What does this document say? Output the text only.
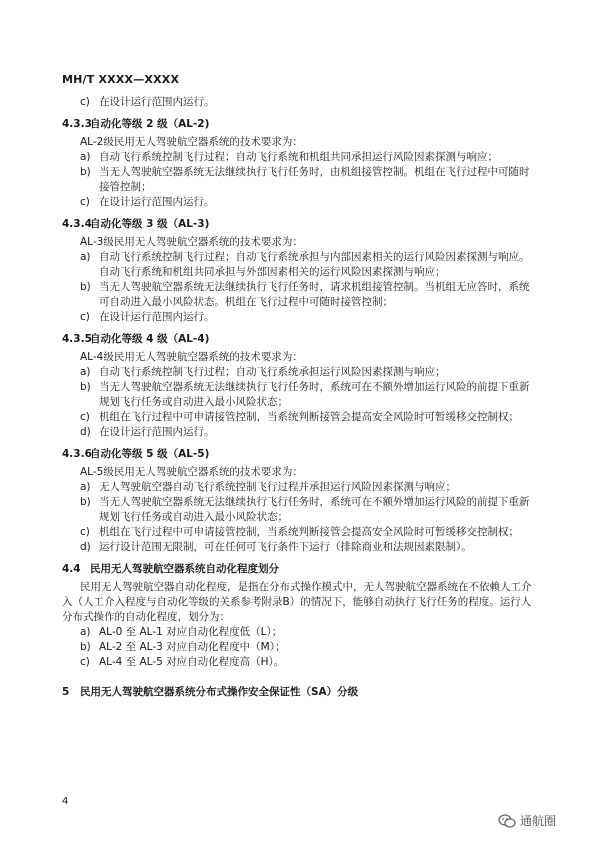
MH/T XXXX—XXXX
c) 在设计运行范围内运行。
4.3.3自动化等级 2 级（AL-2)
AL-2级民用无人驾驶航空器系统的技术要求为：
a) 自动飞行系统控制飞行过程；自动飞行系统和机组共同承担运行风险因素探测与响应；
b) 当无人驾驶航空器系统无法继续执行飞行任务时，由机组接管控制。机组在飞行过程中可随时
接管控制；
c) 在设计运行范围内运行。
4.3.4自动化等级 3 级（AL-3)
AL-3级民用无人驾驶航空器系统的技术要求为：
a) 自动飞行系统控制飞行过程；自动飞行系统承担与内部因素相关的运行风险因素探测与响应。
自动飞行系统和机组共同承担与外部因素相关的运行风险因素探测与响应；
b) 当无人驾驶航空器系统无法继续执行飞行任务时，请求机组接管控制。当机组无应答时，系统
可自动进入最小风险状态。机组在飞行过程中可随时接管控制；
c) 在设计运行范围内运行。
4.3.5自动化等级 4 级（AL-4)
AL-4级民用无人驾驶航空器系统的技术要求为：
a) 自动飞行系统控制飞行过程；自动飞行系统承担运行风险因素探测与响应；
b) 当无人驾驶航空器系统无法继续执行飞行任务时，系统可在不额外增加运行风险的前提下重新
规划飞行任务或自动进入最小风险状态；
c) 机组在飞行过程中可申请接管控制，当系统判断接管会提高安全风险时可暂缓移交控制权；
d) 在设计运行范围内运行。
4.3.6自动化等级 5 级（AL-5)
AL-5级民用无人驾驶航空器系统的技术要求为：
a) 无人驾驶航空器自动飞行系统控制飞行过程并承担运行风险因素探测与响应；
b) 当无人驾驶航空器系统无法继续执行飞行任务时，系统可在不额外增加运行风险的前提下重新
规划飞行任务或自动进入最小风险状态；
c) 机组在飞行过程中可申请接管控制，当系统判断接管会提高安全风险时可暂缓移交控制权；
d) 运行设计范围无限制，可在任何可飞行条件下运行（排除商业和法规因素限制）。
4.4 民用无人驾驶航空器系统自动化程度划分
民用无人驾驶航空器自动化程度，是指在分布式操作模式中，无人驾驶航空器系统在不依赖人工介
入（人工介入程度与自动化等级的关系参考附录B）的情况下，能够自动执行飞行任务的程度。运行人
分布式操作的自动化程度，划分为：
a) AL-0 至 AL-1 对应自动化程度低（L）；
b) AL-2 至 AL-3 对应自动化程度中（M）；
c) AL-4 至 AL-5 对应自动化程度高（H）。
5 民用无人驾驶航空器系统分布式操作安全保证性（SA）分级
4
通航圈
